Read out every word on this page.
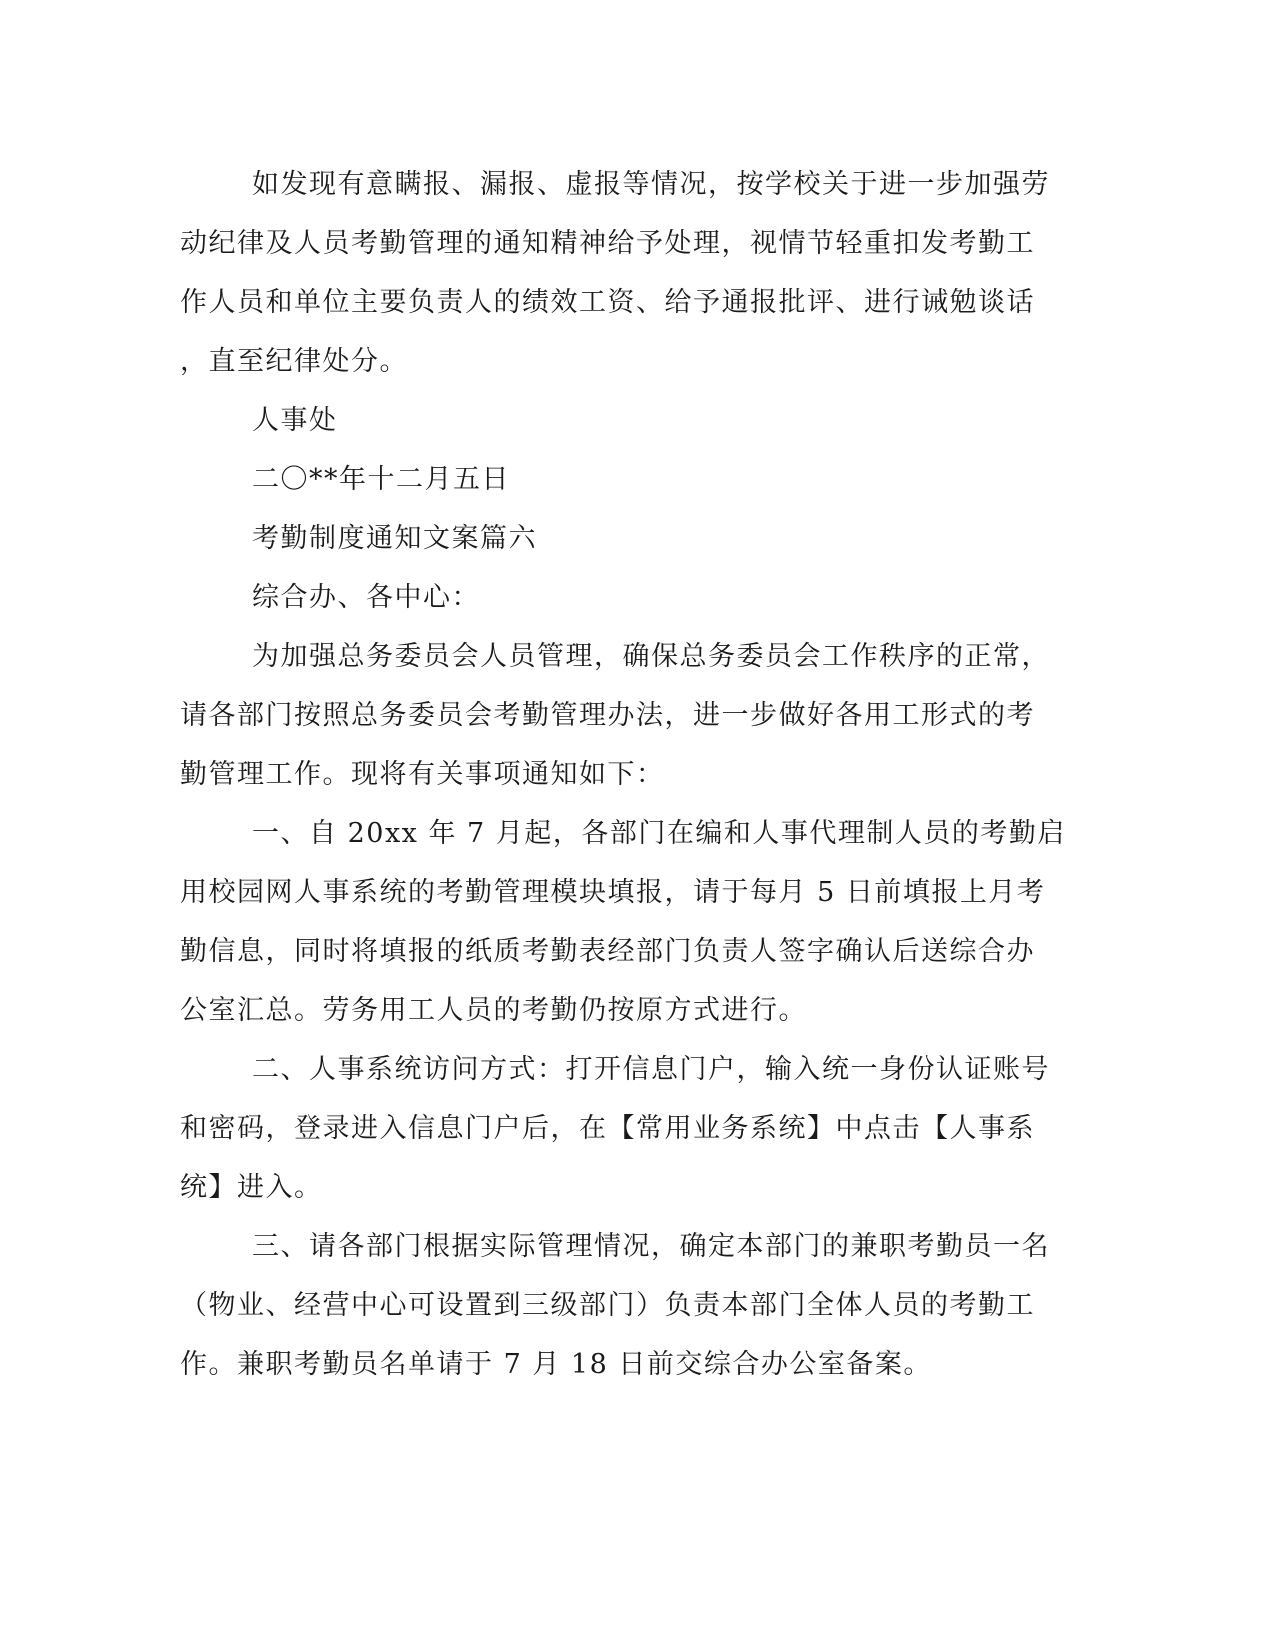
如发现有意瞒报、漏报、虚报等情况，按学校关于进一步加强劳
动纪律及人员考勤管理的通知精神给予处理，视情节轻重扣发考勤工
作人员和单位主要负责人的绩效工资、给予通报批评、进行诫勉谈话
，直至纪律处分。

人事处

二〇**年十二月五日

考勤制度通知文案篇六

综合办、各中心：

为加强总务委员会人员管理，确保总务委员会工作秩序的正常，
请各部门按照总务委员会考勤管理办法，进一步做好各用工形式的考
勤管理工作。现将有关事项通知如下：

一、自 20xx 年 7 月起，各部门在编和人事代理制人员的考勤启
用校园网人事系统的考勤管理模块填报，请于每月 5 日前填报上月考
勤信息，同时将填报的纸质考勤表经部门负责人签字确认后送综合办
公室汇总。劳务用工人员的考勤仍按原方式进行。

二、人事系统访问方式：打开信息门户，输入统一身份认证账号
和密码，登录进入信息门户后，在【常用业务系统】中点击【人事系
统】进入。

三、请各部门根据实际管理情况，确定本部门的兼职考勤员一名
（物业、经营中心可设置到三级部门）负责本部门全体人员的考勤工
作。兼职考勤员名单请于 7 月 18 日前交综合办公室备案。
